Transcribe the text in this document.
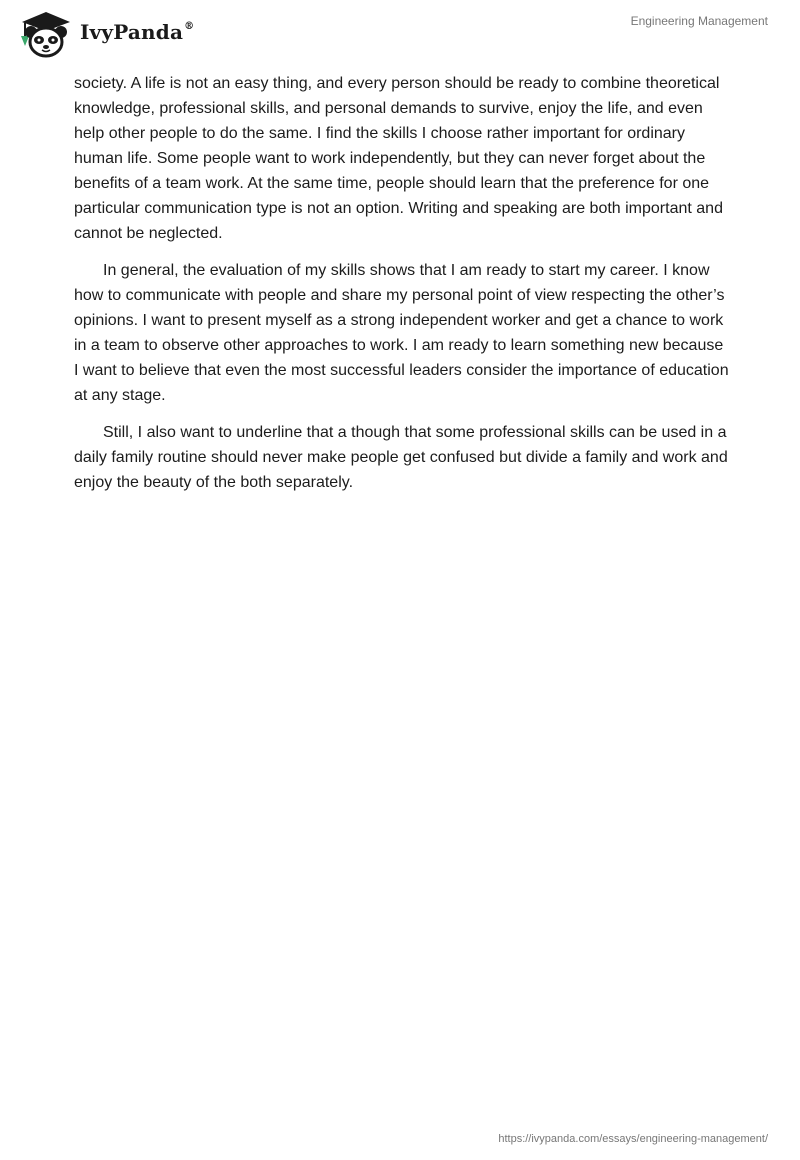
IvyPanda®	Engineering Management

society. A life is not an easy thing, and every person should be ready to combine theoretical knowledge, professional skills, and personal demands to survive, enjoy the life, and even help other people to do the same. I find the skills I choose rather important for ordinary human life. Some people want to work independently, but they can never forget about the benefits of a team work. At the same time, people should learn that the preference for one particular communication type is not an option. Writing and speaking are both important and cannot be neglected.

In general, the evaluation of my skills shows that I am ready to start my career. I know how to communicate with people and share my personal point of view respecting the other’s opinions. I want to present myself as a strong independent worker and get a chance to work in a team to observe other approaches to work. I am ready to learn something new because I want to believe that even the most successful leaders consider the importance of education at any stage.

Still, I also want to underline that a though that some professional skills can be used in a daily family routine should never make people get confused but divide a family and work and enjoy the beauty of the both separately.

https://ivypanda.com/essays/engineering-management/
